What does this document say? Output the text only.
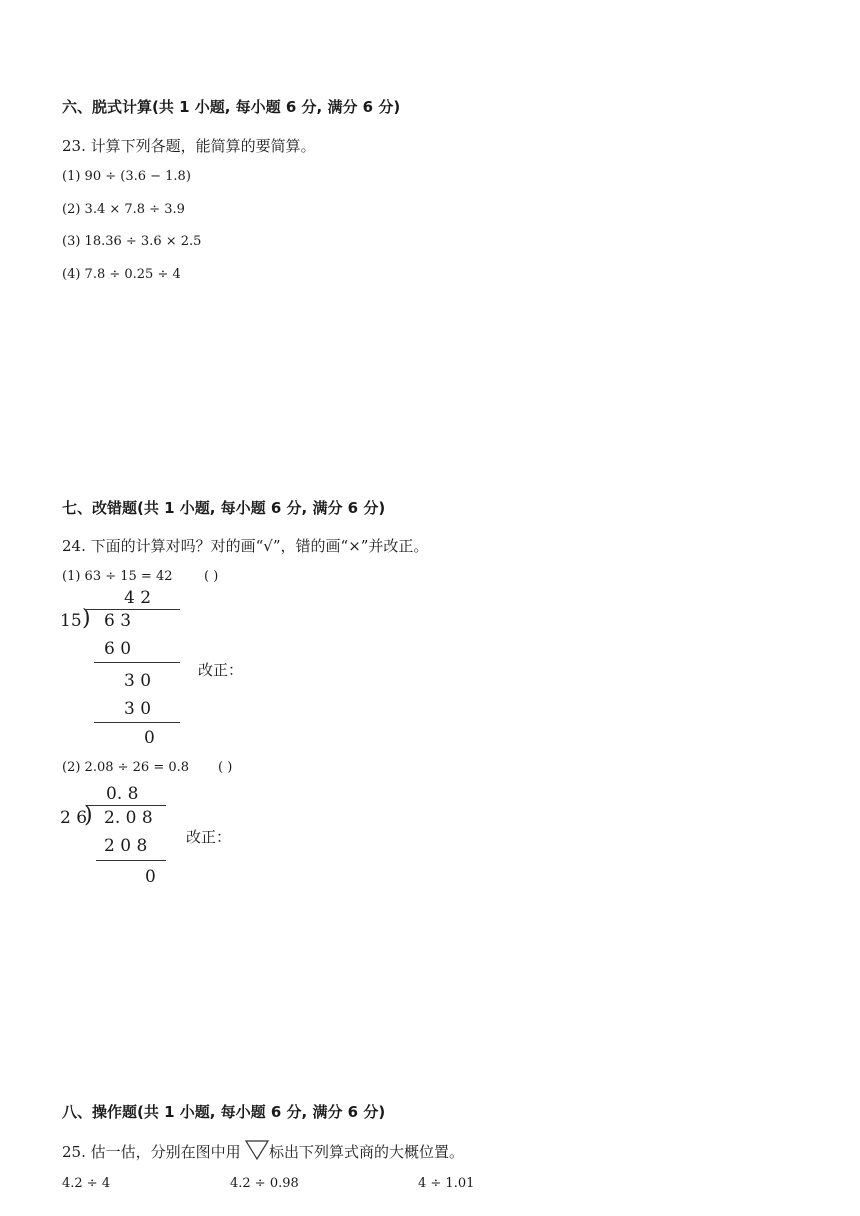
六、脱式计算(共 1 小题, 每小题 6 分, 满分 6 分)
23. 计算下列各题，能简算的要简算。
(1) 90 ÷ (3.6 − 1.8)
(2) 3.4 × 7.8 ÷ 3.9
(3) 18.36 ÷ 3.6 × 2.5
(4) 7.8 ÷ 0.25 ÷ 4
七、改错题(共 1 小题, 每小题 6 分, 满分 6 分)
24. 下面的计算对吗？对的画“√”，错的画“×”并改正。
(1) 63 ÷ 15 = 42 ( )
4 2
15 ) 6 3
6 0
3 0
3 0
0
改正：
(2) 2.08 ÷ 26 = 0.8 ( )
0. 8
2 6
) 2. 0 8
2 0 8
0
改正：
八、操作题(共 1 小题, 每小题 6 分, 满分 6 分)
25. 估一估，分别在图中用 标出下列算式商的大概位置。
4.2 ÷ 4	4.2 ÷ 0.98	4 ÷ 1.01
